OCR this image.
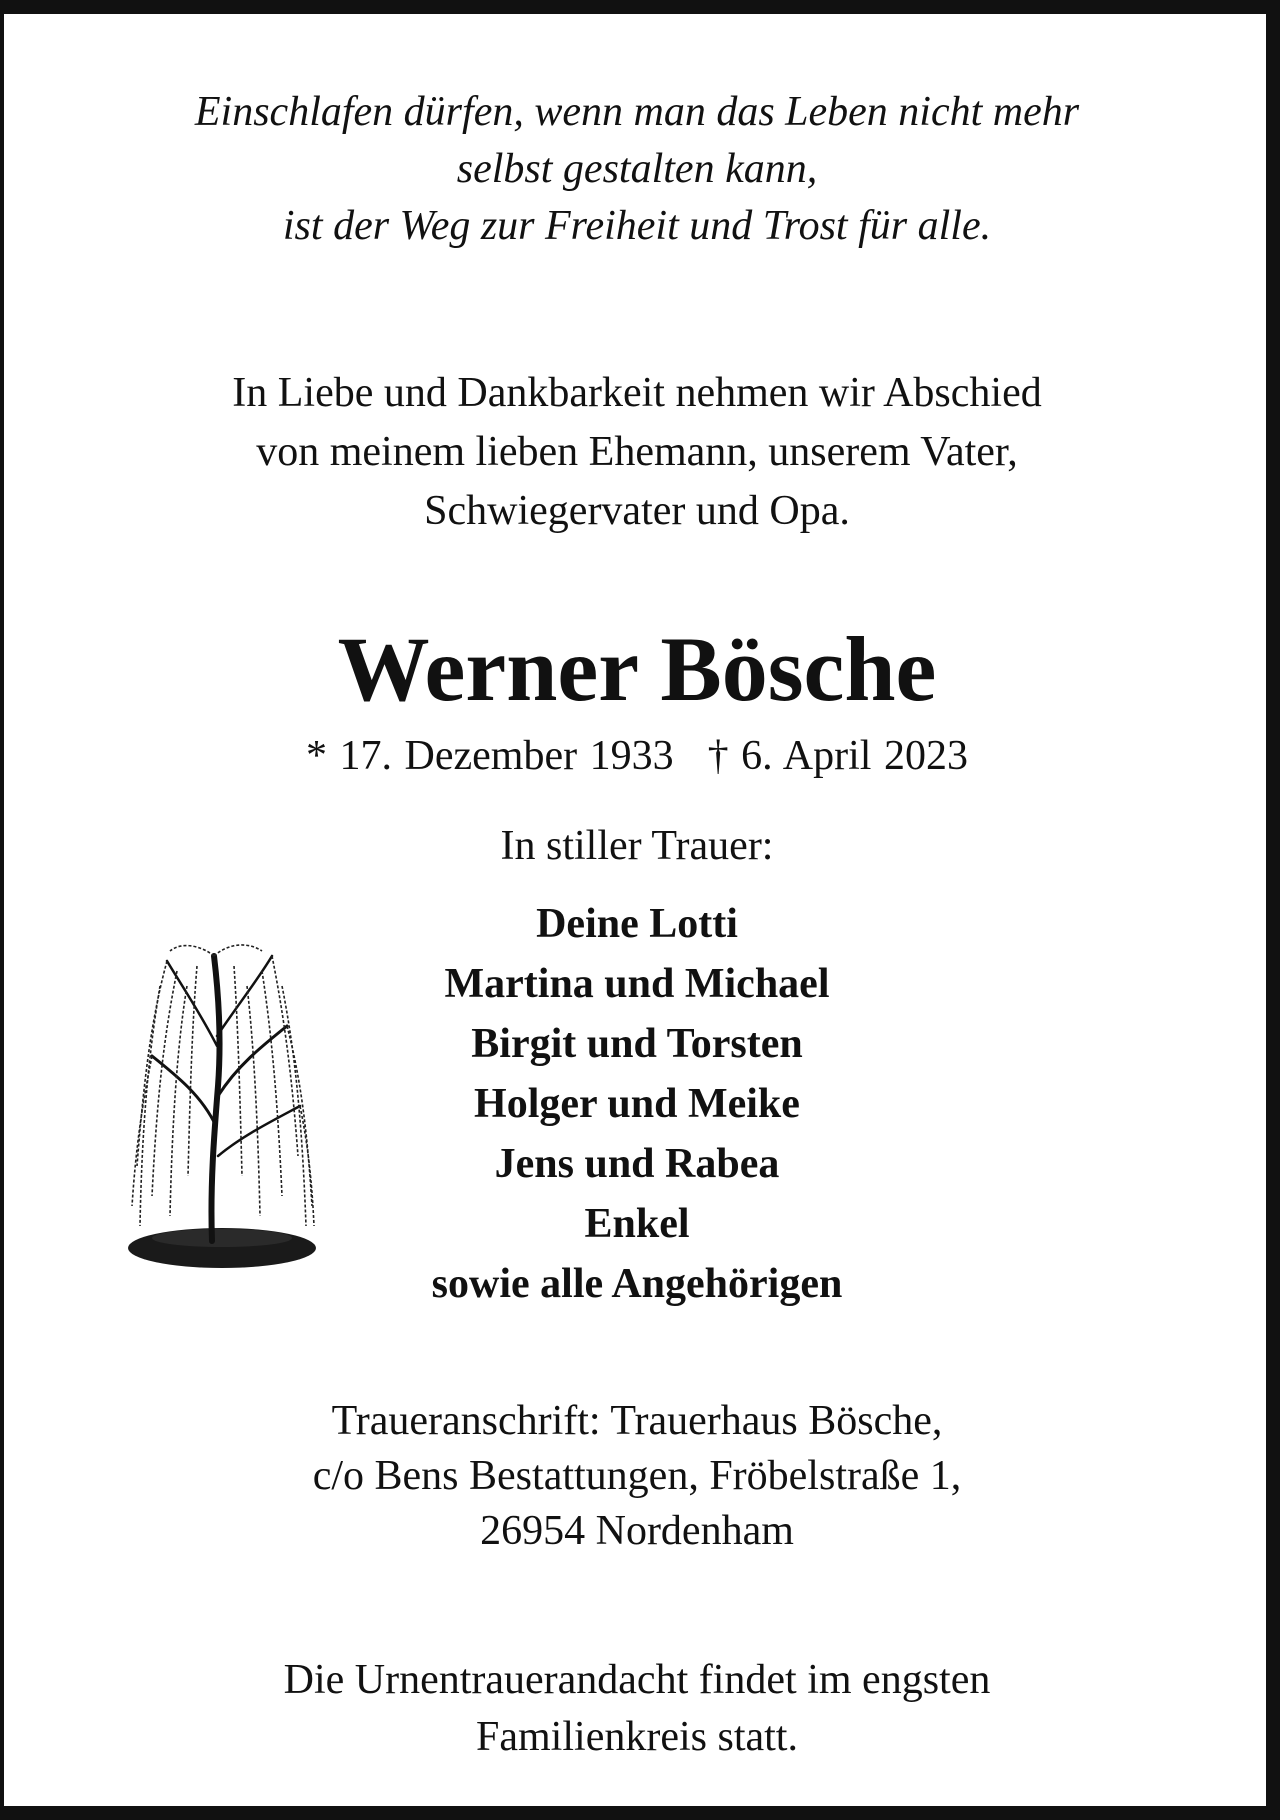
Einschlafen dürfen, wenn man das Leben nicht mehr
selbst gestalten kann,
ist der Weg zur Freiheit und Trost für alle.
In Liebe und Dankbarkeit nehmen wir Abschied
von meinem lieben Ehemann, unserem Vater,
Schwiegervater und Opa.
Werner Bösche
* 17. Dezember 1933 † 6. April 2023
In stiller Trauer:
Deine Lotti
Martina und Michael
Birgit und Torsten
Holger und Meike
Jens und Rabea
Enkel
sowie alle Angehörigen
Traueranschrift: Trauerhaus Bösche,
c/o Bens Bestattungen, Fröbelstraße 1,
26954 Nordenham
Die Urnentrauerandacht findet im engsten
Familienkreis statt.
